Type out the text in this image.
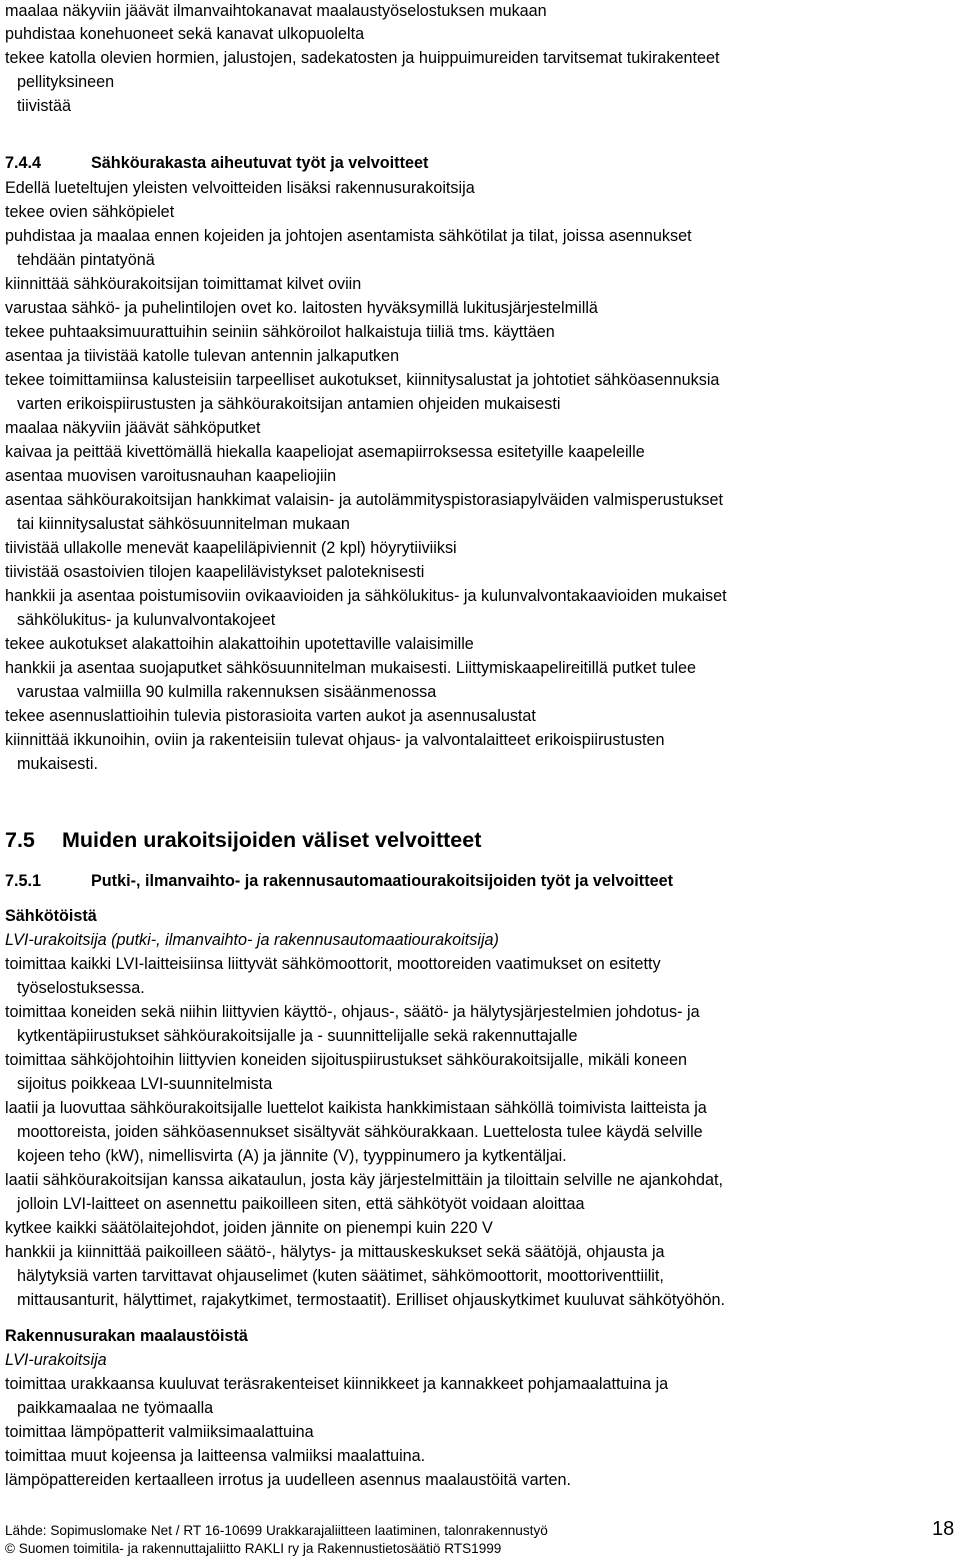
maalaa näkyviin jäävät ilmanvaihtokanavat maalaustyöselostuksen mukaan
puhdistaa konehuoneet sekä kanavat ulkopuolelta
tekee katolla olevien hormien, jalustojen, sadekatosten ja huippuimureiden tarvitsemat tukirakenteet
pellityksineen
tiivistää
7.4.4	Sähköurakasta aiheutuvat työt ja velvoitteet
Edellä lueteltujen yleisten velvoitteiden lisäksi rakennusurakoitsija
tekee ovien sähköpielet
puhdistaa ja maalaa ennen kojeiden ja johtojen asentamista sähkötilat ja tilat, joissa asennukset
tehdään pintatyönä
kiinnittää sähköurakoitsijan toimittamat kilvet oviin
varustaa sähkö- ja puhelintilojen ovet ko. laitosten hyväksymillä lukitusjärjestelmillä
tekee puhtaaksimuurattuihin seiniin sähköroilot halkaistuja tiiliä tms. käyttäen
asentaa ja tiivistää katolle tulevan antennin jalkaputken
tekee toimittamiinsa kalusteisiin tarpeelliset aukotukset, kiinnitysalustat ja johtotiet sähköasennuksia
varten erikoispiirustusten ja sähköurakoitsijan antamien ohjeiden mukaisesti
maalaa näkyviin jäävät sähköputket
kaivaa ja peittää kivettömällä hiekalla kaapeliojat asemapiirroksessa esitetyille kaapeleille
asentaa muovisen varoitusnauhan kaapeliojiin
asentaa sähköurakoitsijan hankkimat valaisin- ja autolämmityspistorasiapylväiden valmisperustukset
tai kiinnitysalustat sähkösuunnitelman mukaan
tiivistää ullakolle menevät kaapeliläpiviennit (2 kpl) höyrytiiviiksi
tiivistää osastoivien tilojen kaapelilävistykset paloteknisesti
hankkii ja asentaa poistumisoviin ovikaavioiden ja sähkölukitus- ja kulunvalvontakaavioiden mukaiset
sähkölukitus- ja kulunvalvontakojeet
tekee aukotukset alakattoihin alakattoihin upotettaville valaisimille
hankkii ja asentaa suojaputket sähkösuunnitelman mukaisesti. Liittymiskaapelireitillä putket tulee
varustaa valmiilla 90 kulmilla rakennuksen sisäänmenossa
tekee asennuslattioihin tulevia pistorasioita varten aukot ja asennusalustat
kiinnittää ikkunoihin, oviin ja rakenteisiin tulevat ohjaus- ja valvontalaitteet erikoispiirustusten
mukaisesti.
7.5 Muiden urakoitsijoiden väliset velvoitteet
7.5.1	Putki-, ilmanvaihto- ja rakennusautomaatiourakoitsijoiden työt ja velvoitteet
Sähkötöistä
LVI-urakoitsija (putki-, ilmanvaihto- ja rakennusautomaatiourakoitsija)
toimittaa kaikki LVI-laitteisiinsa liittyvät sähkömoottorit, moottoreiden vaatimukset on esitetty
työselostuksessa.
toimittaa koneiden sekä niihin liittyvien käyttö-, ohjaus-, säätö- ja hälytysjärjestelmien johdotus- ja
kytkentäpiirustukset sähköurakoitsijalle ja - suunnittelijalle sekä rakennuttajalle
toimittaa sähköjohtoihin liittyvien koneiden sijoituspiirustukset sähköurakoitsijalle, mikäli koneen
sijoitus poikkeaa LVI-suunnitelmista
laatii ja luovuttaa sähköurakoitsijalle luettelot kaikista hankkimistaan sähköllä toimivista laitteista ja
moottoreista, joiden sähköasennukset sisältyvät sähköurakkaan. Luettelosta tulee käydä selville
kojeen teho (kW), nimellisvirta (A) ja jännite (V), tyyppinumero ja kytkentäljai.
laatii sähköurakoitsijan kanssa aikataulun, josta käy järjestelmittäin ja tiloittain selville ne ajankohdat,
jolloin LVI-laitteet on asennettu paikoilleen siten, että sähkötyöt voidaan aloittaa
kytkee kaikki säätölaitejohdot, joiden jännite on pienempi kuin 220 V
hankkii ja kiinnittää paikoilleen säätö-, hälytys- ja mittauskeskukset sekä säätöjä, ohjausta ja
hälytyksiä varten tarvittavat ohjauselimet (kuten säätimet, sähkömoottorit, moottoriventtiilit,
mittausanturit, hälyttimet, rajakytkimet, termostaatit). Erilliset ohjauskytkimet kuuluvat sähkötyöhön.
Rakennusurakan maalaustöistä
LVI-urakoitsija
toimittaa urakkaansa kuuluvat teräsrakenteiset kiinnikkeet ja kannakkeet pohjamaalattuina ja
paikkamaalaa ne työmaalla
toimittaa lämpöpatterit valmiiksimaalattuina
toimittaa muut kojeensa ja laitteensa valmiiksi maalattuina.
lämpöpattereiden kertaalleen irrotus ja uudelleen asennus maalaustöitä varten.
Lähde: Sopimuslomake Net / RT 16-10699 Urakkarajaliitteen laatiminen, talonrakennustyö
© Suomen toimitila- ja rakennuttajaliitto RAKLI ry ja Rakennustietosäätiö RTS1999
18
